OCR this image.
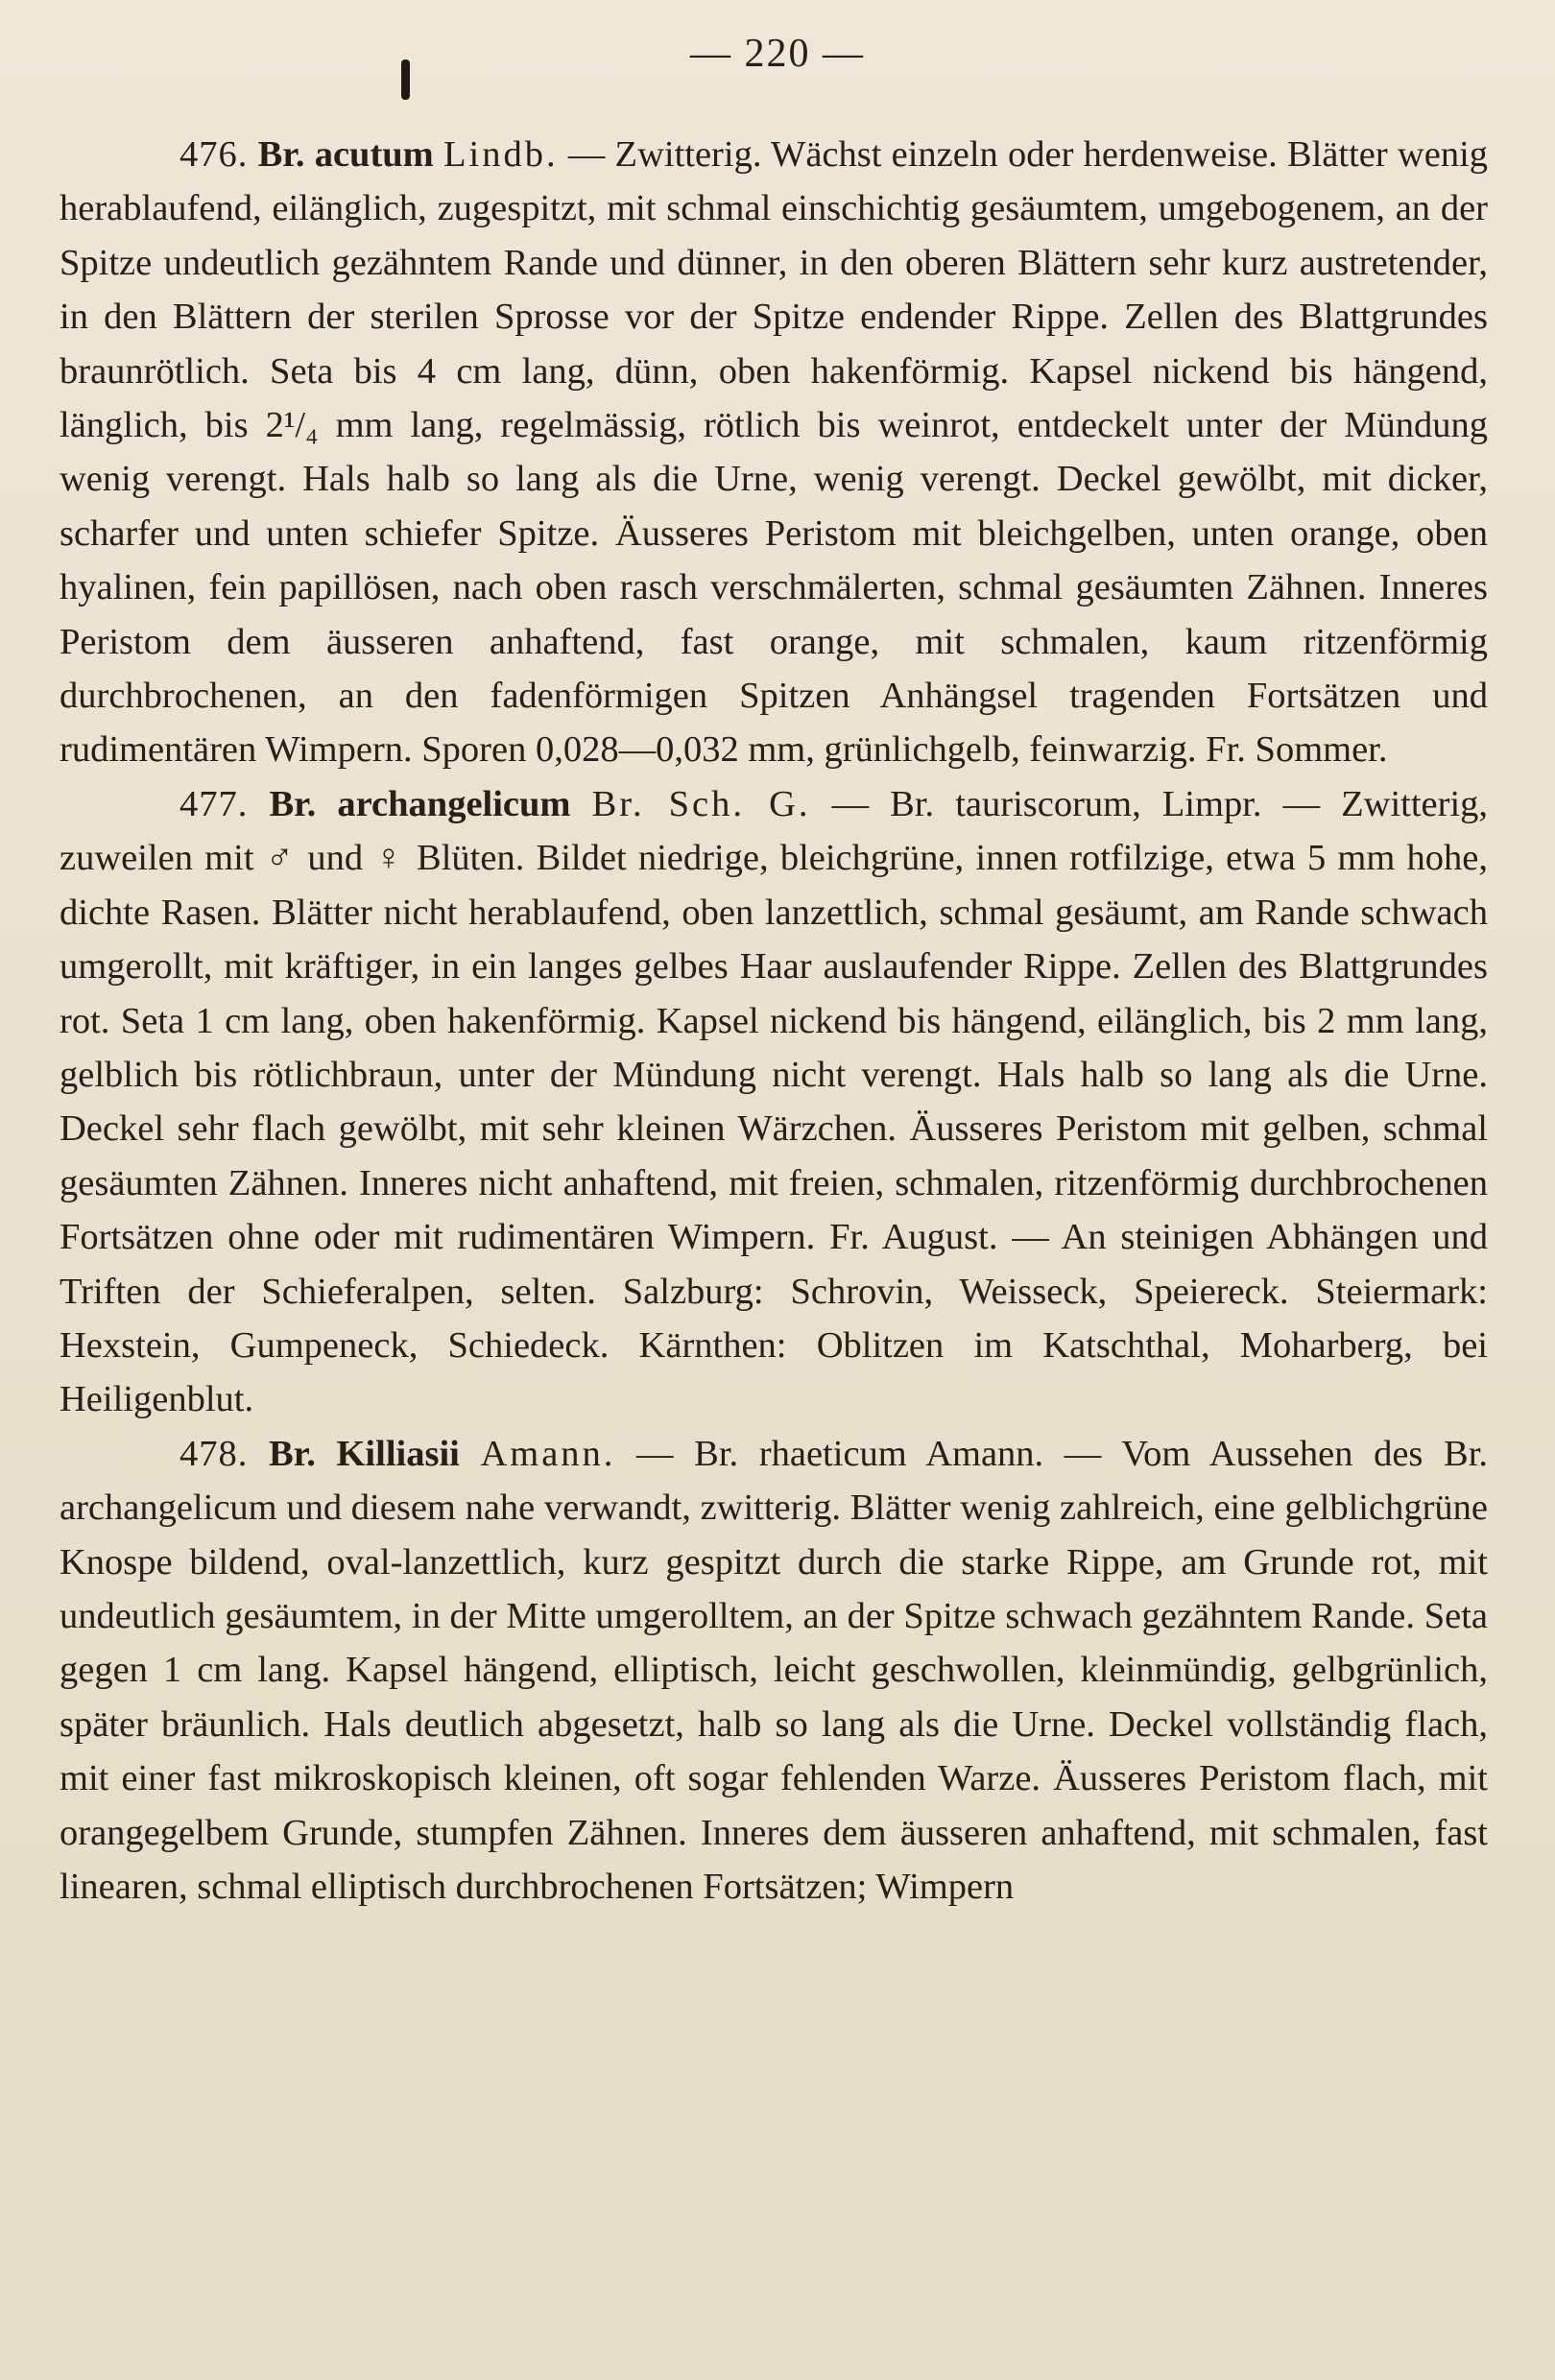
— 220 —

476. Br. acutum Lindb. — Zwitterig. Wächst einzeln oder herdenweise. Blätter wenig herablaufend, eilänglich, zugespitzt, mit schmal einschichtig gesäumtem, umgebogenem, an der Spitze undeutlich gezähntem Rande und dünner, in den oberen Blättern sehr kurz austretender, in den Blättern der sterilen Sprosse vor der Spitze endender Rippe. Zellen des Blattgrundes braunrötlich. Seta bis 4 cm lang, dünn, oben hakenförmig. Kapsel nickend bis hängend, länglich, bis 2¹/₄ mm lang, regelmässig, rötlich bis weinrot, entdeckelt unter der Mündung wenig verengt. Hals halb so lang als die Urne, wenig verengt. Deckel gewölbt, mit dicker, scharfer und unten schiefer Spitze. Äusseres Peristom mit bleichgelben, unten orange, oben hyalinen, fein papillösen, nach oben rasch verschmälerten, schmal gesäumten Zähnen. Inneres Peristom dem äusseren anhaftend, fast orange, mit schmalen, kaum ritzenförmig durchbrochenen, an den fadenförmigen Spitzen Anhängsel tragenden Fortsätzen und rudimentären Wimpern. Sporen 0,028—0,032 mm, grünlichgelb, feinwarzig. Fr. Sommer.

477. Br. archangelicum Br. Sch. G. — Br. tauriscorum, Limpr. — Zwitterig, zuweilen mit ♂ und ♀ Blüten. Bildet niedrige, bleichgrüne, innen rotfilzige, etwa 5 mm hohe, dichte Rasen. Blätter nicht herablaufend, oben lanzettlich, schmal gesäumt, am Rande schwach umgerollt, mit kräftiger, in ein langes gelbes Haar auslaufender Rippe. Zellen des Blattgrundes rot. Seta 1 cm lang, oben hakenförmig. Kapsel nickend bis hängend, eilänglich, bis 2 mm lang, gelblich bis rötlichbraun, unter der Mündung nicht verengt. Hals halb so lang als die Urne. Deckel sehr flach gewölbt, mit sehr kleinen Wärzchen. Äusseres Peristom mit gelben, schmal gesäumten Zähnen. Inneres nicht anhaftend, mit freien, schmalen, ritzenförmig durchbrochenen Fortsätzen ohne oder mit rudimentären Wimpern. Fr. August. — An steinigen Abhängen und Triften der Schieferalpen, selten. Salzburg: Schrovin, Weisseck, Speiereck. Steiermark: Hexstein, Gumpeneck, Schiedeck. Kärnthen: Oblitzen im Katschthal, Moharberg, bei Heiligenblut.

478. Br. Killiasii Amann. — Br. rhaeticum Amann. — Vom Aussehen des Br. archangelicum und diesem nahe verwandt, zwitterig. Blätter wenig zahlreich, eine gelblichgrüne Knospe bildend, oval-lanzettlich, kurz gespitzt durch die starke Rippe, am Grunde rot, mit undeutlich gesäumtem, in der Mitte umgerolltem, an der Spitze schwach gezähntem Rande. Seta gegen 1 cm lang. Kapsel hängend, elliptisch, leicht geschwollen, kleinmündig, gelbgrünlich, später bräunlich. Hals deutlich abgesetzt, halb so lang als die Urne. Deckel vollständig flach, mit einer fast mikroskopisch kleinen, oft sogar fehlenden Warze. Äusseres Peristom flach, mit orangegelbem Grunde, stumpfen Zähnen. Inneres dem äusseren anhaftend, mit schmalen, fast linearen, schmal elliptisch durchbrochenen Fortsätzen; Wimpern
